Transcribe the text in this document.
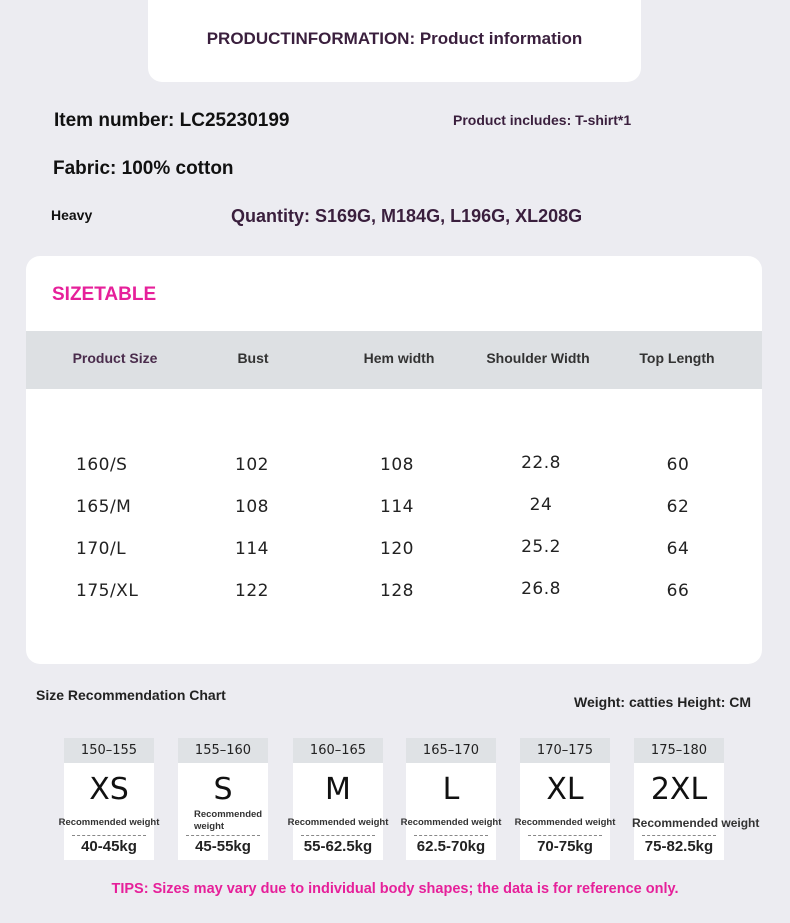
PRODUCTINFORMATION: Product information
Item number: LC25230199	Product includes: T-shirt*1
Fabric: 100% cotton
Heavy	Quantity: S169G, M184G, L196G, XL208G
SIZETABLE
Product Size	Bust	Hem width	Shoulder Width	Top Length
160/S	102	108	22.8	60
165/M	108	114	24	62
170/L	114	120	25.2	64
175/XL	122	128	26.8	66
Size Recommendation Chart	Weight: catties Height: CM
150–155
XS
Recommended weight
40-45kg
155–160
S
Recommended weight
45-55kg
160–165
M
Recommended weight
55-62.5kg
165–170
L
Recommended weight
62.5-70kg
170–175
XL
Recommended weight
70-75kg
175–180
2XL
Recommended weight
75-82.5kg
TIPS: Sizes may vary due to individual body shapes; the data is for reference only.
